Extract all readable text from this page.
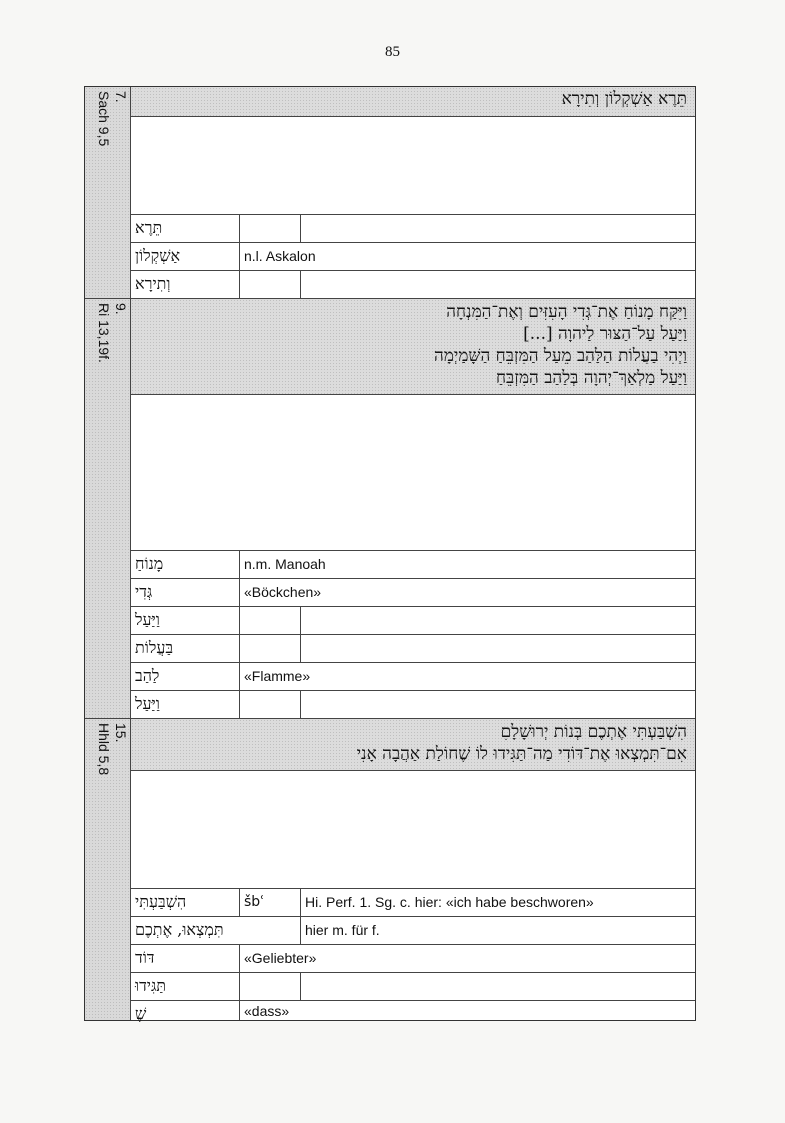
85
7.
Sach 9,5	תֵּרֶא אַשְׁקְלוֹן וְתִירָא
תֵּרֶא
אַשְׁקְלוֹן	n.l. Askalon
וְתִירָא
9.
Ri 13,19f.	וַיִּקַּח מָנוֹחַ אֶת־גְּדִי הָעִזִּים וְאֶת־הַמִּנְחָה
וַיַּעַל עַל־הַצּוּר לַיהוָה [...]
וַיְהִי בַעֲלוֹת הַלַּהַב מֵעַל הַמִּזְבֵּחַ הַשָּׁמַיְמָה
וַיַּעַל מַלְאַךְ־יְהוָה בְּלַהַב הַמִּזְבֵּחַ
מָנוֹחַ	n.m. Manoah
גְּדִי	«Böckchen»
וַיַּעַל
בַּעֲלוֹת
לַהַב	«Flamme»
וַיַּעַל
15.
Hhld 5,8	הִשְׁבַּעְתִּי אֶתְכֶם בְּנוֹת יְרוּשָׁלָםִ
אִם־תִּמְצְאוּ אֶת־דּוֹדִי מַה־תַּגִּידוּ לוֹ שֶׁחוֹלַת אַהֲבָה אָנִי
הִשְׁבַּעְתִּי	šbʿ	Hi. Perf. 1. Sg. c. hier: «ich habe beschworen»
תִּמְצְאוּ, אֶתְכֶם	hier m. für f.
דּוֹד	«Geliebter»
תַּגִּידוּ
שֶׁ	«dass»
